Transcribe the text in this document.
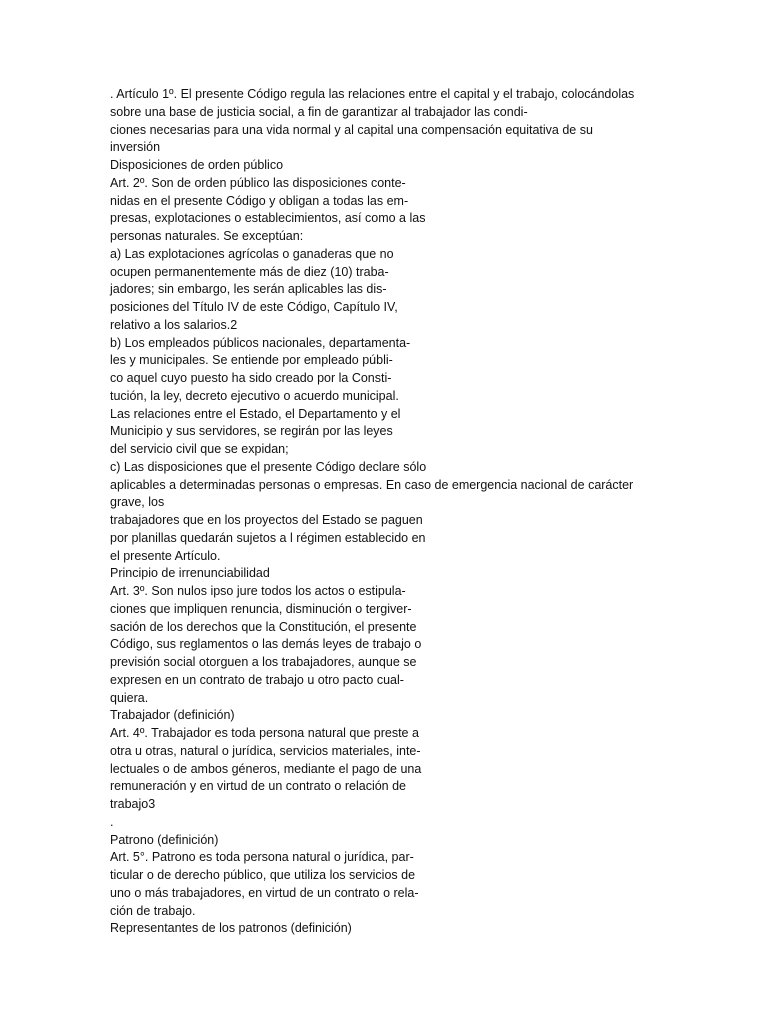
. Artículo 1º. El presente Código regula las relaciones entre el capital y el trabajo, colocándolas
sobre una base de justicia social, a fin de garantizar al trabajador las condi-
ciones necesarias para una vida normal y al capital una compensación equitativa de su
inversión
Disposiciones de orden público
Art. 2º. Son de orden público las disposiciones conte-
nidas en el presente Código y obligan a todas las em-
presas, explotaciones o establecimientos, así como a las
personas naturales. Se exceptúan:
a) Las explotaciones agrícolas o ganaderas que no
ocupen permanentemente más de diez (10) traba-
jadores; sin embargo, les serán aplicables las dis-
posiciones del Título IV de este Código, Capítulo IV,
relativo a los salarios.2
b) Los empleados públicos nacionales, departamenta-
les y municipales. Se entiende por empleado públi-
co aquel cuyo puesto ha sido creado por la Consti-
tución, la ley, decreto ejecutivo o acuerdo municipal.
Las relaciones entre el Estado, el Departamento y el
Municipio y sus servidores, se regirán por las leyes
del servicio civil que se expidan;
c) Las disposiciones que el presente Código declare sólo
aplicables a determinadas personas o empresas. En caso de emergencia nacional de carácter
grave, los
trabajadores que en los proyectos del Estado se paguen
por planillas quedarán sujetos a l régimen establecido en
el presente Artículo.
Principio de irrenunciabilidad
Art. 3º. Son nulos ipso jure todos los actos o estipula-
ciones que impliquen renuncia, disminución o tergiver-
sación de los derechos que la Constitución, el presente
Código, sus reglamentos o las demás leyes de trabajo o
previsión social otorguen a los trabajadores, aunque se
expresen en un contrato de trabajo u otro pacto cual-
quiera.
Trabajador (definición)
Art. 4º. Trabajador es toda persona natural que preste a
otra u otras, natural o jurídica, servicios materiales, inte-
lectuales o de ambos géneros, mediante el pago de una
remuneración y en virtud de un contrato o relación de
trabajo3
.
Patrono (definición)
Art. 5°. Patrono es toda persona natural o jurídica, par-
ticular o de derecho público, que utiliza los servicios de
uno o más trabajadores, en virtud de un contrato o rela-
ción de trabajo.
Representantes de los patronos (definición)
